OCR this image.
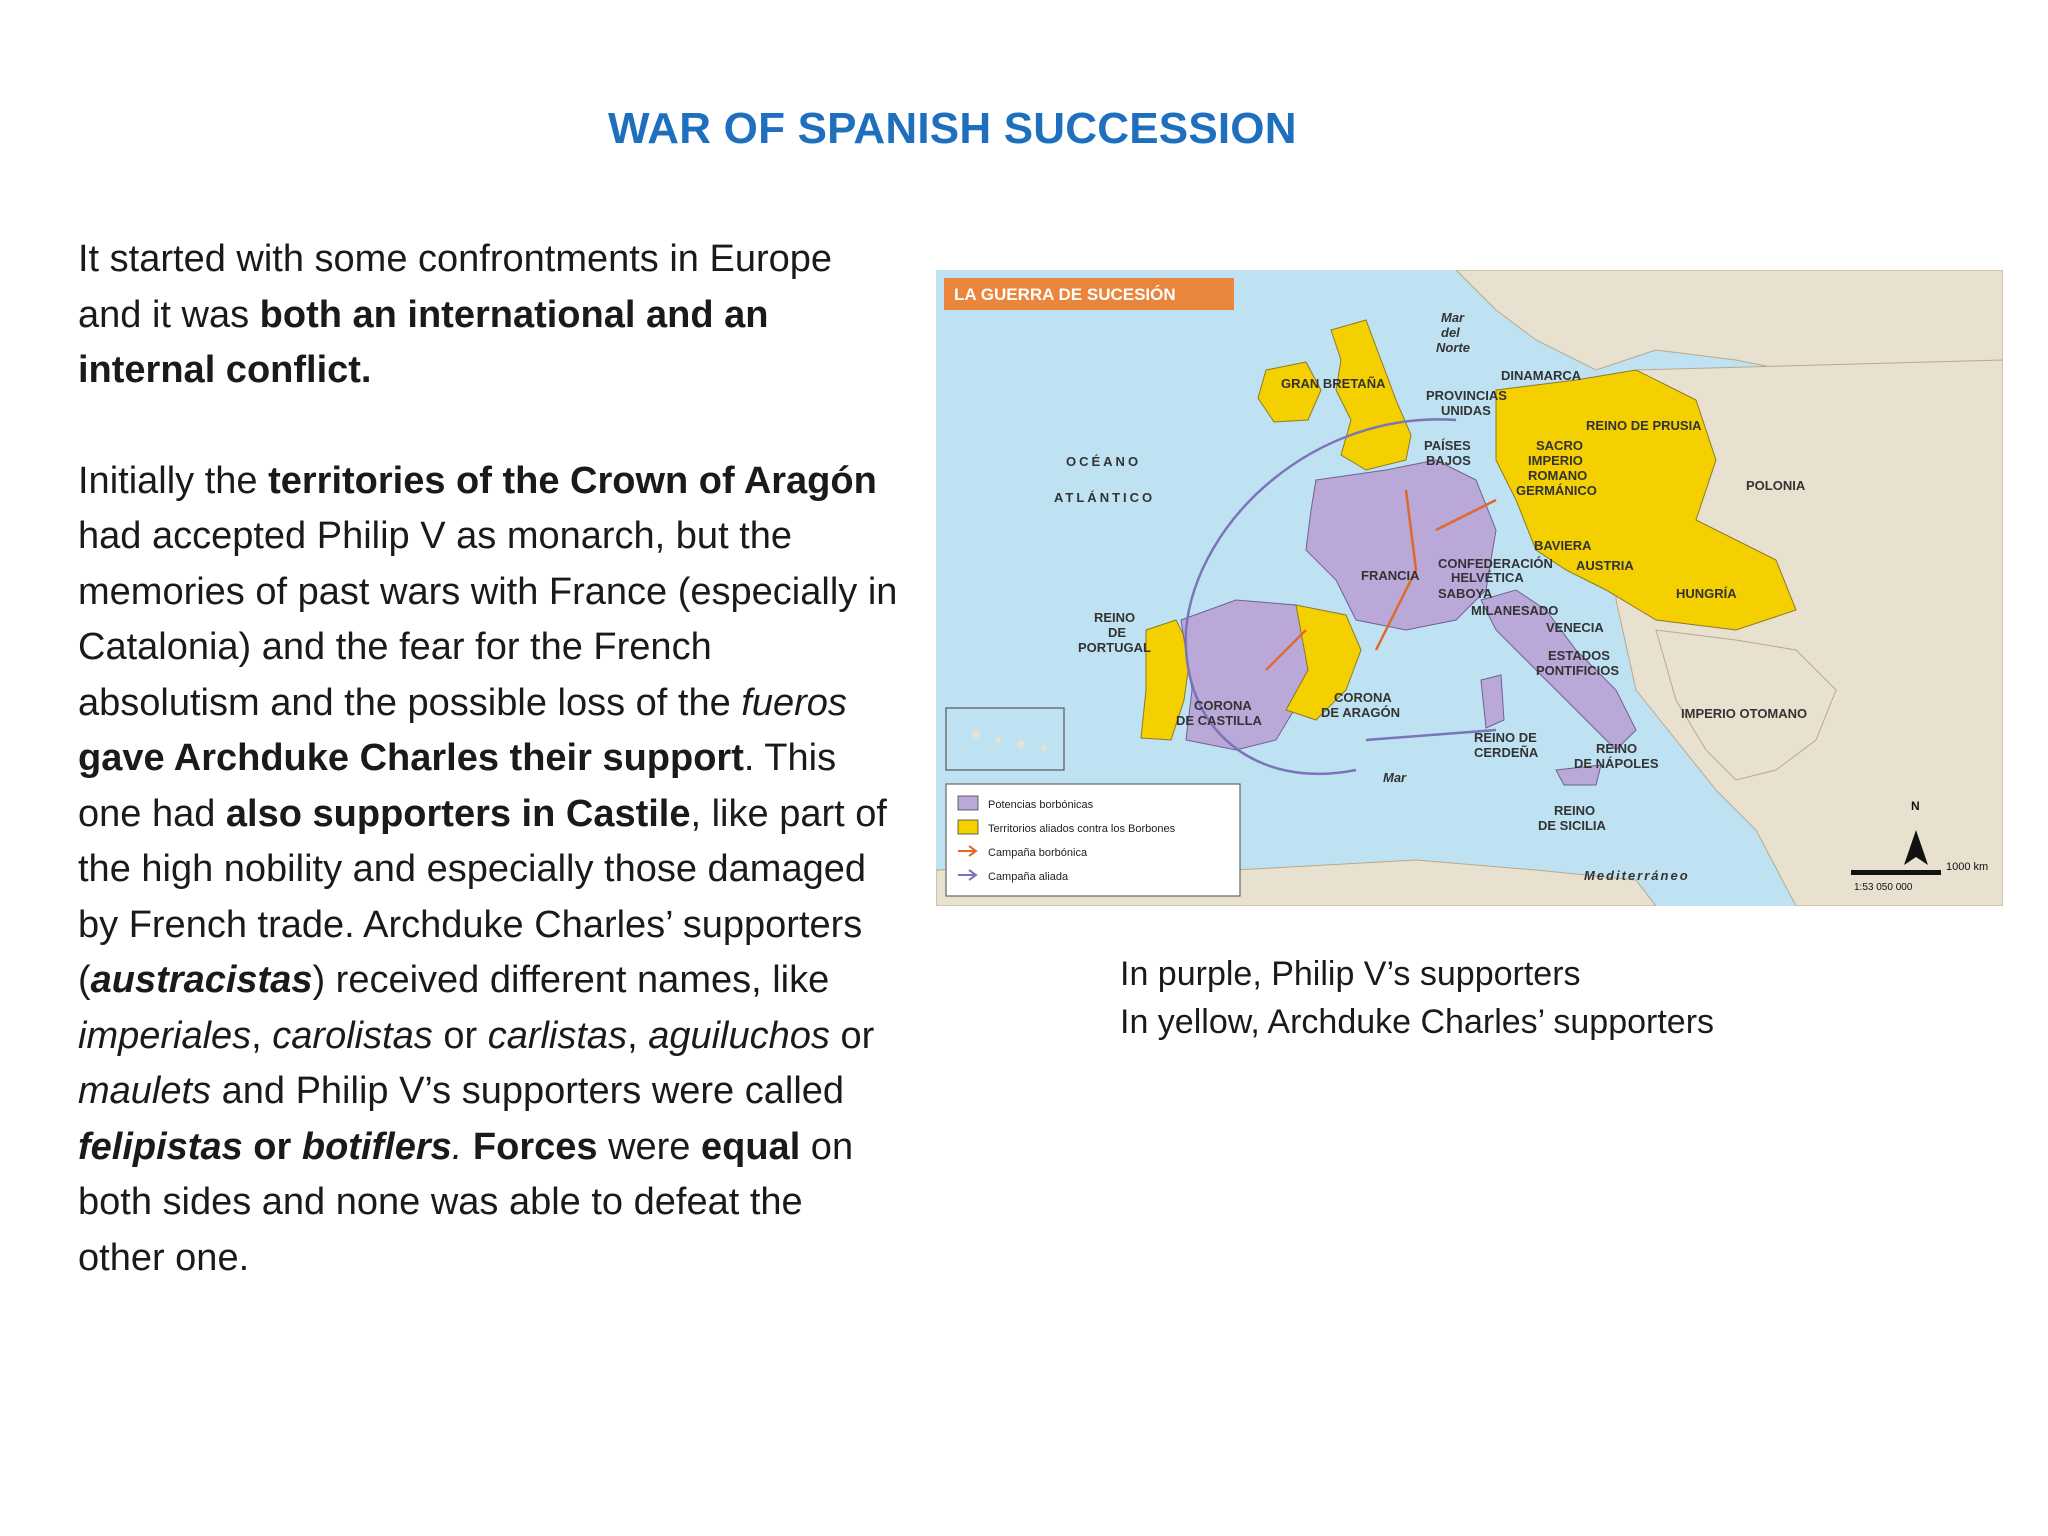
WAR OF SPANISH SUCCESSION

It started with some confrontments in Europe and it was both an international and an internal conflict.

Initially the territories of the Crown of Aragón had accepted Philip V as monarch, but the memories of past wars with France (especially in Catalonia) and the fear for the French absolutism and the possible loss of the fueros gave Archduke Charles their support. This one had also supporters in Castile, like part of the high nobility and especially those damaged by French trade. Archduke Charles’ supporters (austracistas) received different names, like imperiales, carolistas or carlistas, aguiluchos or maulets and Philip V’s supporters were called felipistas or botiflers. Forces were equal on both sides and none was able to defeat the other one.

LA GUERRA DE SUCESIÓN
OCÉANO
ATLÁNTICO
Mar
del
Norte
GRAN BRETAÑA
PROVINCIAS
UNIDAS
DINAMARCA
REINO DE PRUSIA
PAÍSES
BAJOS
SACRO
IMPERIO
ROMANO
GERMÁNICO	POLONIA
BAVIERA
FRANCIA
CONFEDERACIÓN
HELVÉTICA
SABOYA
AUSTRIA
HUNGRÍA
MILANESADO
VENECIA
ESTADOS
PONTIFICIOS
REINO
DE
PORTUGAL
CORONA
DE CASTILLA
CORONA
DE ARAGÓN
REINO DE
CERDEÑA	REINO
DE NÁPOLES
REINO
DE SICILIA
IMPERIO OTOMANO
Mar
Mediterráneo
Potencias borbónicas
Territorios aliados contra los Borbones
Campaña borbónica
Campaña aliada
N
1000 km
1:53 050 000
In purple, Philip V’s supporters
In yellow, Archduke Charles’ supporters
